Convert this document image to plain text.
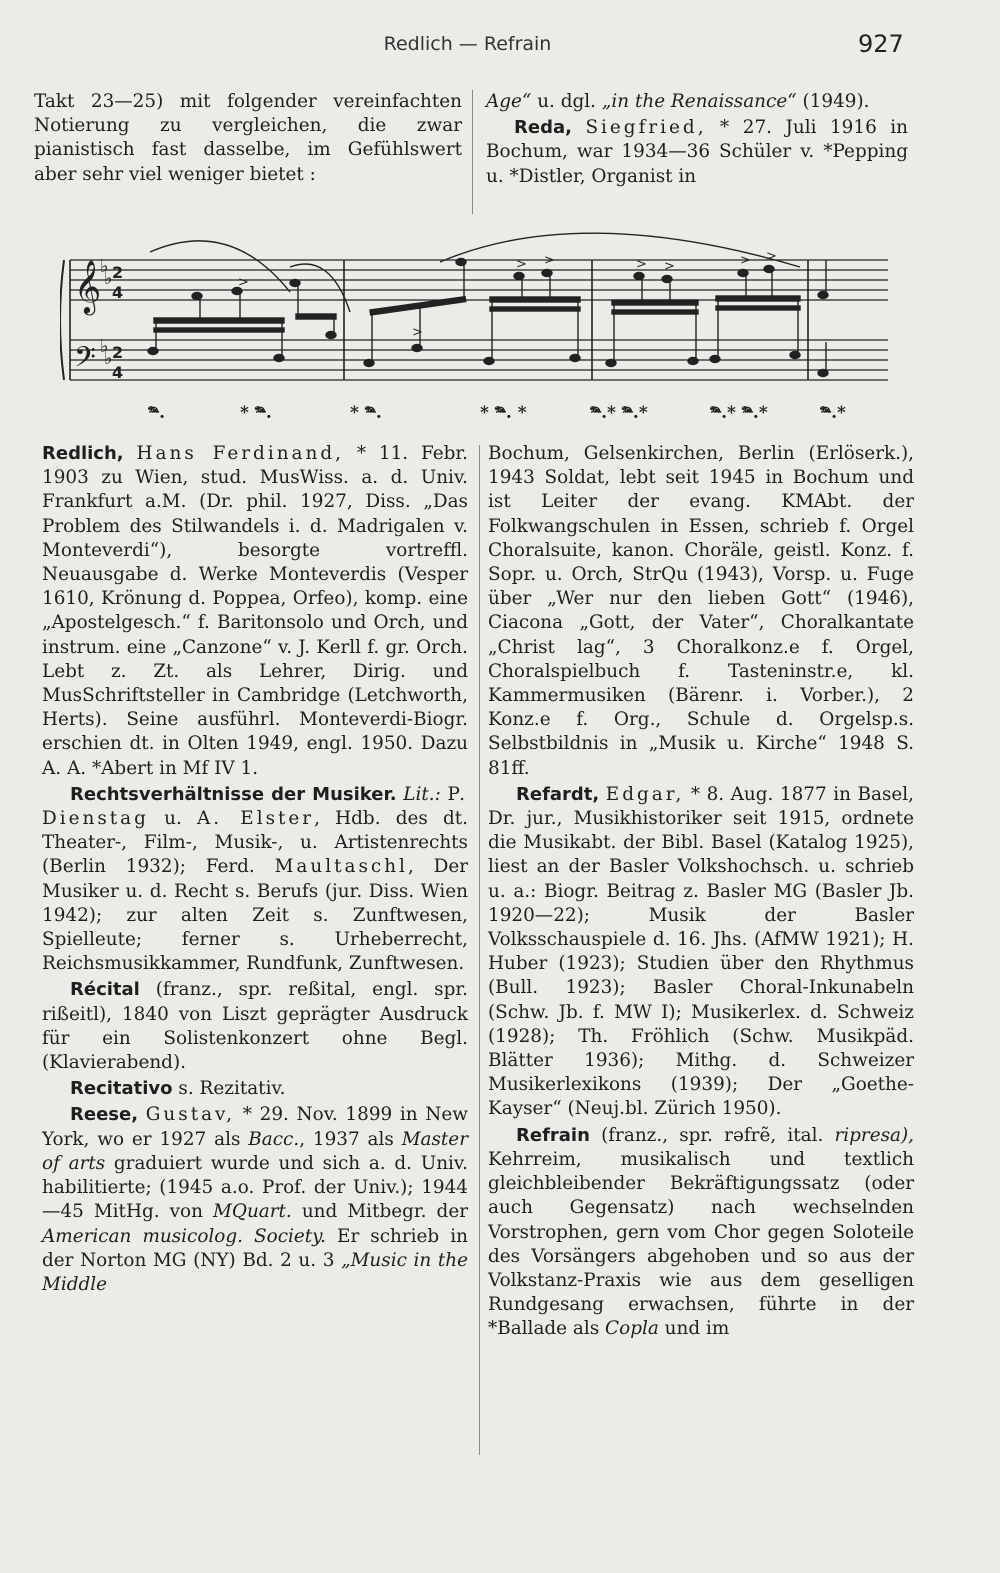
Redlich — Refrain	927

Takt 23—25) mit folgender vereinfachten Notierung zu vergleichen, die zwar pianistisch fast dasselbe, im Gefühlswert aber sehr viel weniger bietet :

Age“ u. dgl. „in the Renaissance“ (1949).

Reda, Siegfried, * 27. Juli 1916 in Bochum, war 1934—36 Schüler v. *Pepping u. *Distler, Organist in

𝄞
𝄢
2
4
2
4
♭
♭
♭
♭
>
>
> >	> >	> >
𝆮.	* 𝆮.	* 𝆮.	* 𝆮. *	𝆮.* 𝆮.*	𝆮.* 𝆮.*	𝆮.*

Redlich, Hans Ferdinand, * 11. Febr. 1903 zu Wien, stud. MusWiss. a. d. Univ. Frankfurt a.M. (Dr. phil. 1927, Diss. „Das Problem des Stilwandels i. d. Madrigalen v. Monteverdi“), besorgte vortreffl. Neuausgabe d. Werke Monteverdis (Vesper 1610, Krönung d. Poppea, Orfeo), komp. eine „Apostelgesch.“ f. Baritonsolo und Orch, und instrum. eine „Canzone“ v. J. Kerll f. gr. Orch. Lebt z. Zt. als Lehrer, Dirig. und MusSchriftsteller in Cambridge (Letchworth, Herts). Seine ausführl. Monteverdi-Biogr. erschien dt. in Olten 1949, engl. 1950. Dazu A. A. *Abert in Mf IV 1.

Rechtsverhältnisse der Musiker. Lit.: P. Dienstag u. A. Elster, Hdb. des dt. Theater-, Film-, Musik-, u. Artistenrechts (Berlin 1932); Ferd. Maultaschl, Der Musiker u. d. Recht s. Berufs (jur. Diss. Wien 1942); zur alten Zeit s. Zunftwesen, Spielleute; ferner s. Urheberrecht, Reichsmusikkammer, Rundfunk, Zunftwesen.

Récital (franz., spr. reßital, engl. spr. rißeitl), 1840 von Liszt geprägter Ausdruck für ein Solistenkonzert ohne Begl. (Klavierabend).

Recitativo s. Rezitativ.

Reese, Gustav, * 29. Nov. 1899 in New York, wo er 1927 als Bacc., 1937 als Master of arts graduiert wurde und sich a. d. Univ. habilitierte; (1945 a.o. Prof. der Univ.); 1944—45 MitHg. von MQuart. und Mitbegr. der American musicolog. Society. Er schrieb in der Norton MG (NY) Bd. 2 u. 3 „Music in the Middle

Bochum, Gelsenkirchen, Berlin (Erlöserk.), 1943 Soldat, lebt seit 1945 in Bochum und ist Leiter der evang. KMAbt. der Folkwangschulen in Essen, schrieb f. Orgel Choralsuite, kanon. Choräle, geistl. Konz. f. Sopr. u. Orch, StrQu (1943), Vorsp. u. Fuge über „Wer nur den lieben Gott“ (1946), Ciacona „Gott, der Vater“, Choralkantate „Christ lag“, 3 Choralkonz.e f. Orgel, Choralspielbuch f. Tasteninstr.e, kl. Kammermusiken (Bärenr. i. Vorber.), 2 Konz.e f. Org., Schule d. Orgelsp.s. Selbstbildnis in „Musik u. Kirche“ 1948 S. 81ff.

Refardt, Edgar, * 8. Aug. 1877 in Basel, Dr. jur., Musikhistoriker seit 1915, ordnete die Musikabt. der Bibl. Basel (Katalog 1925), liest an der Basler Volkshochsch. u. schrieb u. a.: Biogr. Beitrag z. Basler MG (Basler Jb. 1920—22); Musik der Basler Volksschauspiele d. 16. Jhs. (AfMW 1921); H. Huber (1923); Studien über den Rhythmus (Bull. 1923); Basler Choral-Inkunabeln (Schw. Jb. f. MW I); Musikerlex. d. Schweiz (1928); Th. Fröhlich (Schw. Musikpäd. Blätter 1936); Mithg. d. Schweizer Musikerlexikons (1939); Der „Goethe-Kayser“ (Neuj.bl. Zürich 1950).

Refrain (franz., spr. rəfrẽ, ital. ripresa), Kehrreim, musikalisch und textlich gleichbleibender Bekräftigungssatz (oder auch Gegensatz) nach wechselnden Vorstrophen, gern vom Chor gegen Soloteile des Vorsängers abgehoben und so aus der Volkstanz-Praxis wie aus dem geselligen Rundgesang erwachsen, führte in der *Ballade als Copla und im
